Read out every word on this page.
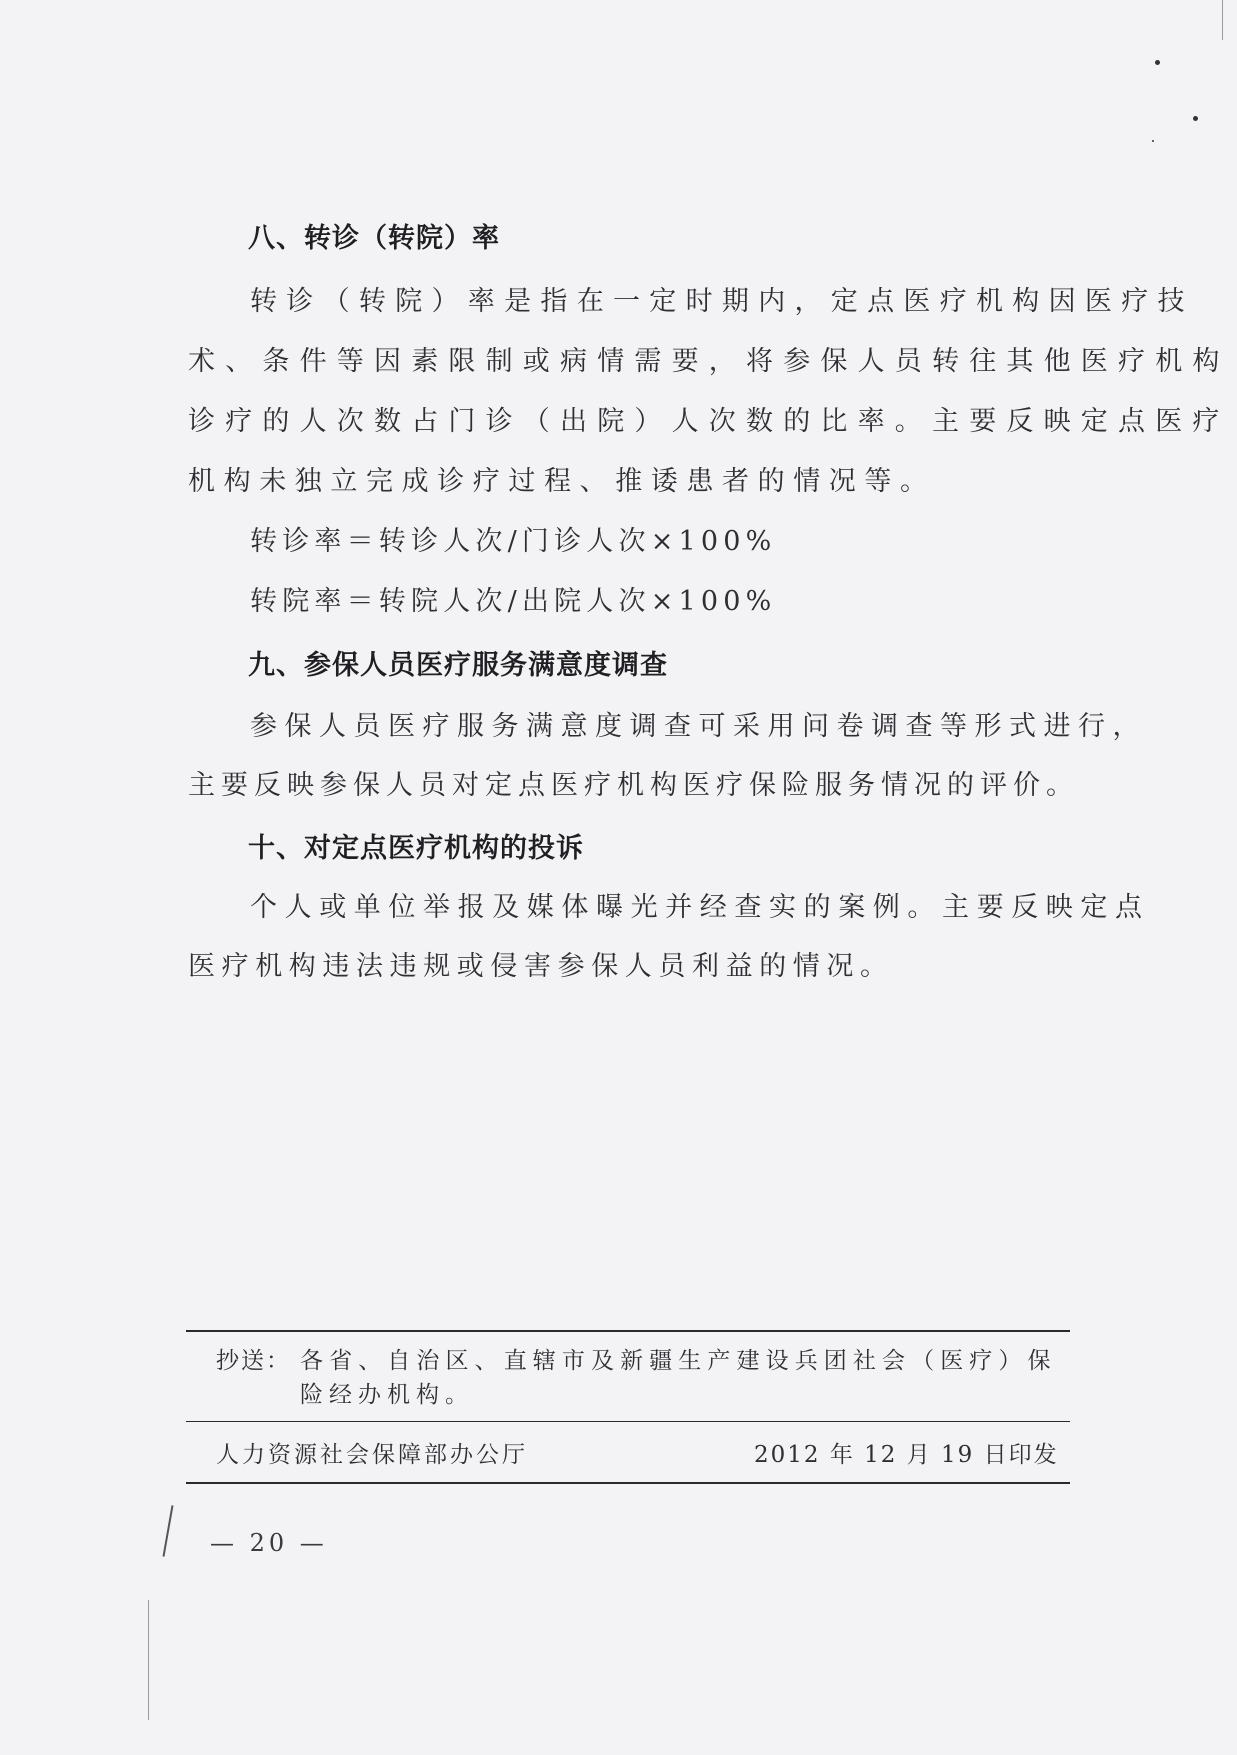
八、转诊（转院）率
转诊（转院）率是指在一定时期内，定点医疗机构因医疗技
术、条件等因素限制或病情需要，将参保人员转往其他医疗机构
诊疗的人次数占门诊（出院）人次数的比率。主要反映定点医疗
机构未独立完成诊疗过程、推诿患者的情况等。
转诊率＝转诊人次/门诊人次×100%
转院率＝转院人次/出院人次×100%
九、参保人员医疗服务满意度调查
参保人员医疗服务满意度调查可采用问卷调查等形式进行，
主要反映参保人员对定点医疗机构医疗保险服务情况的评价。
十、对定点医疗机构的投诉
个人或单位举报及媒体曝光并经查实的案例。主要反映定点
医疗机构违法违规或侵害参保人员利益的情况。
抄送： 各省、自治区、直辖市及新疆生产建设兵团社会（医疗）保
险经办机构。
人力资源社会保障部办公厅	2012 年 12 月 19 日印发
— 20 —
